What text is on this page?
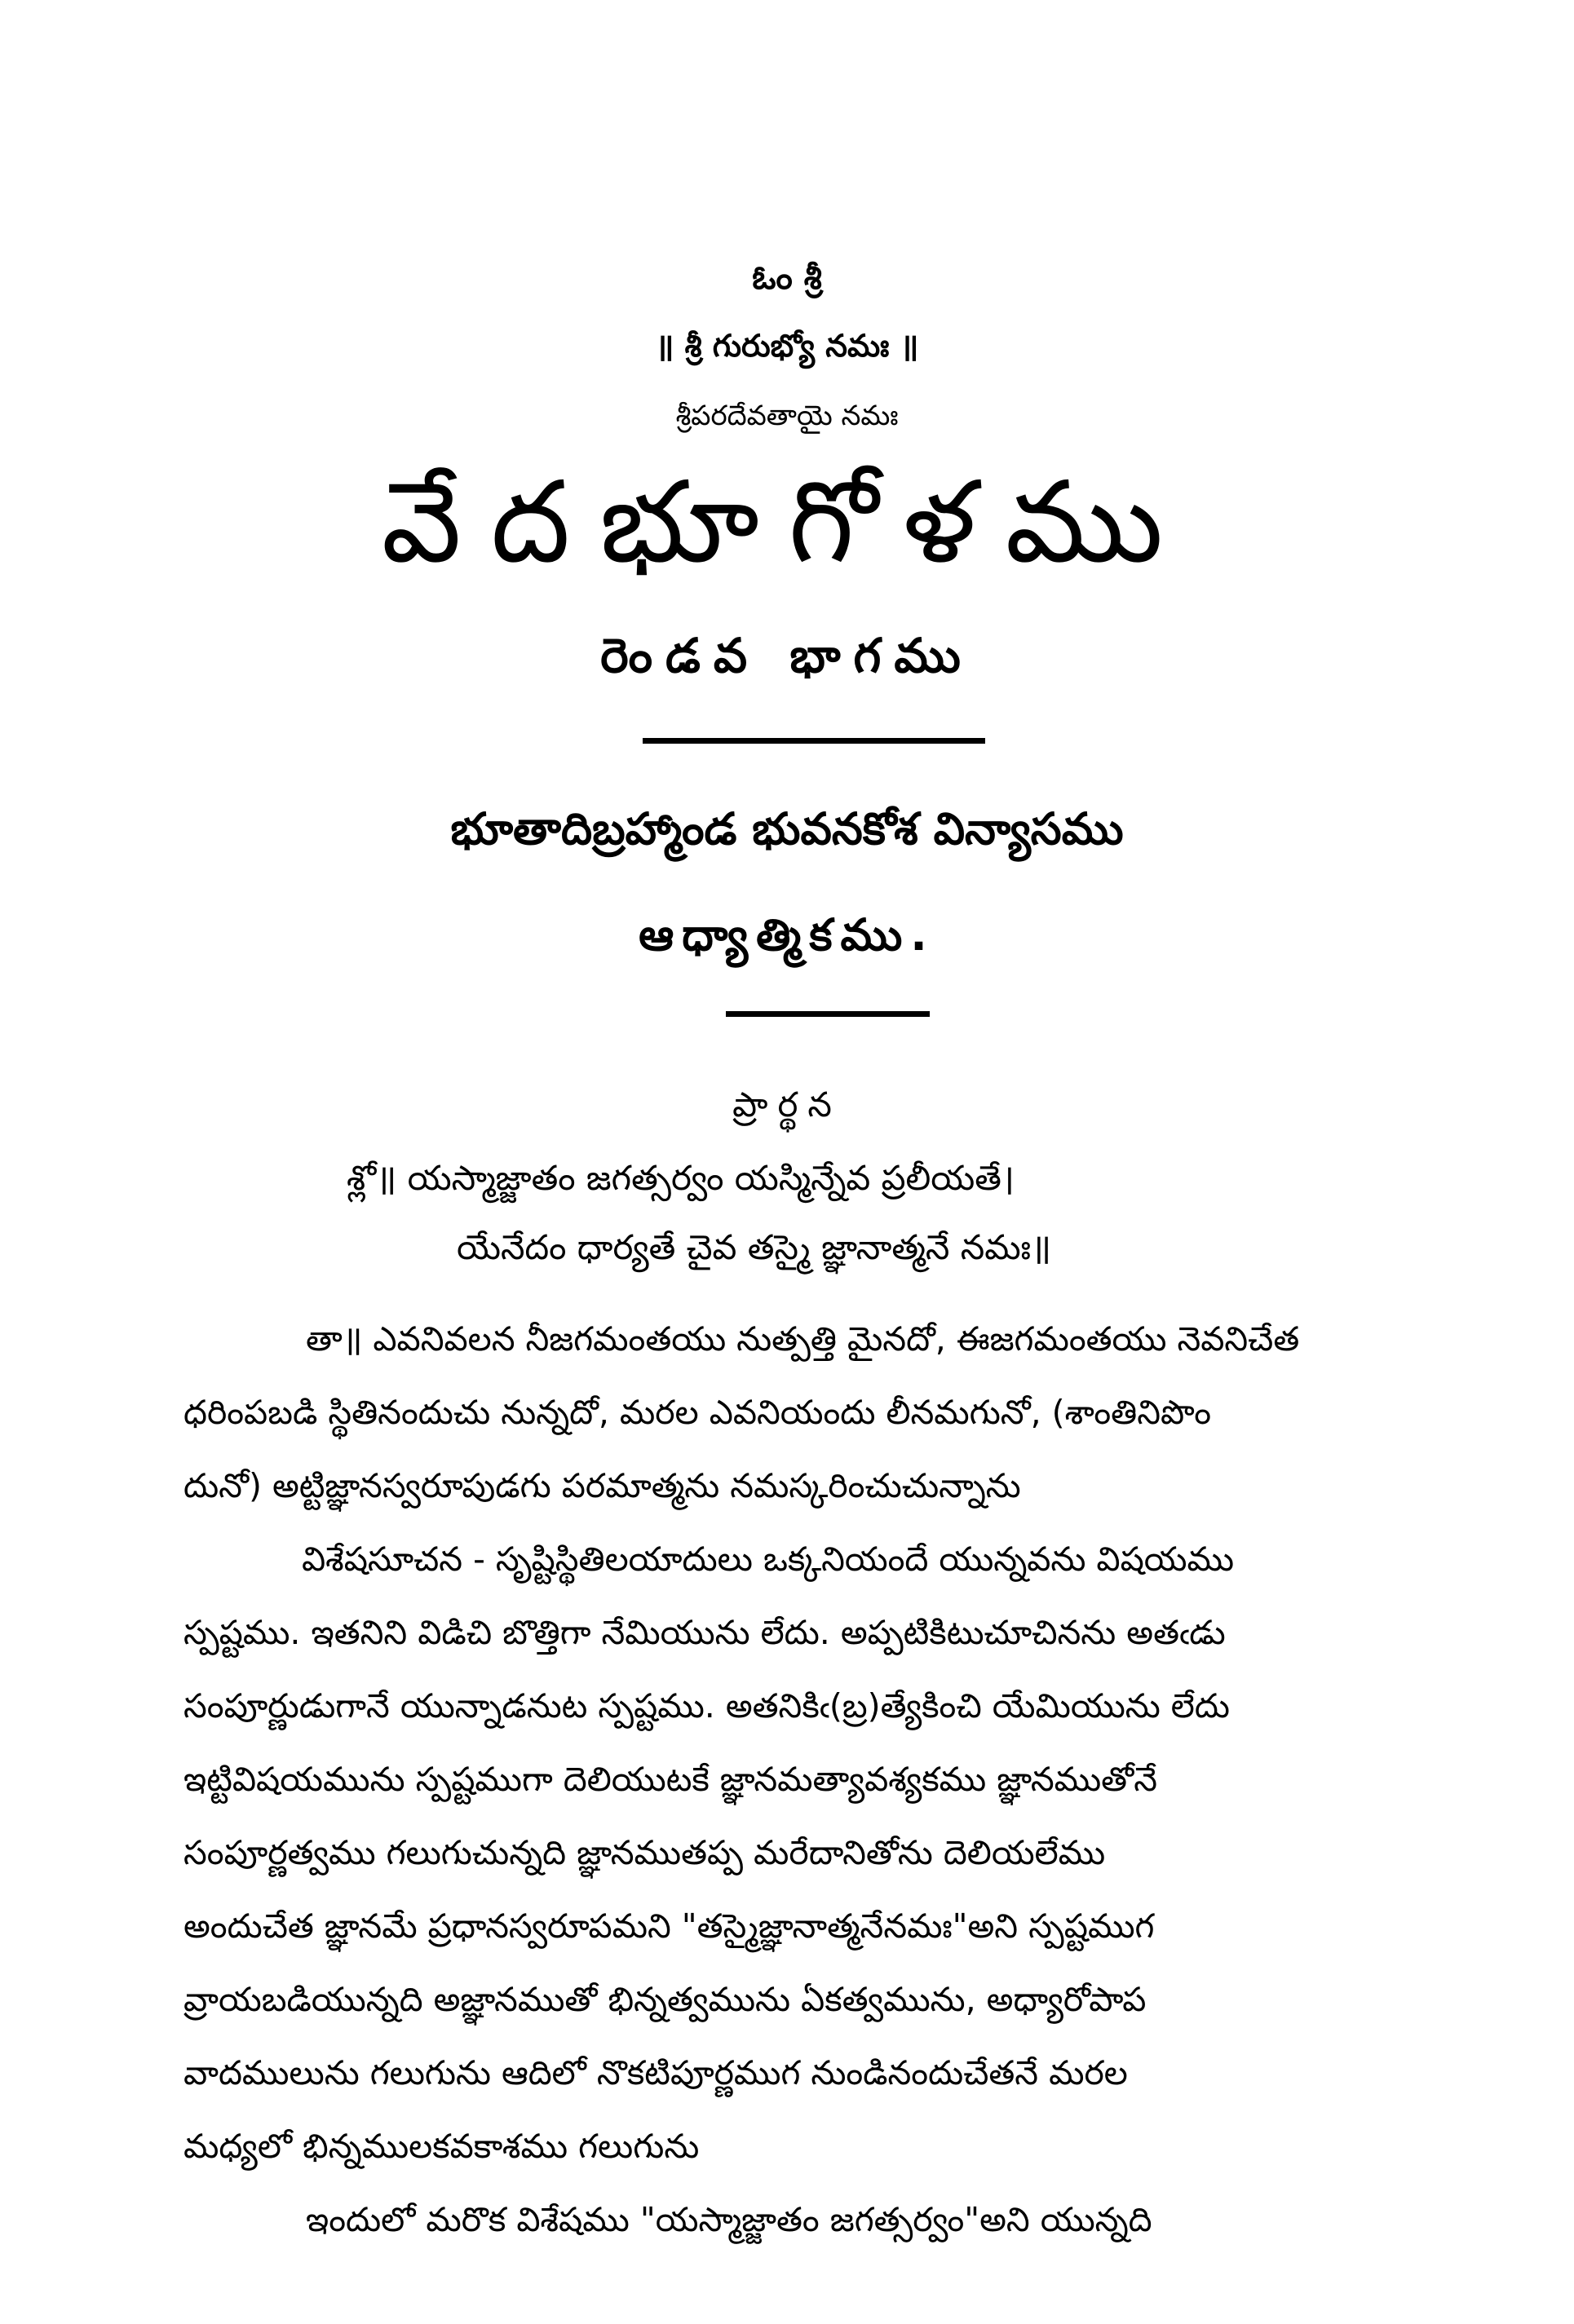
ఓం శ్రీ
॥ శ్రీ గురుభ్యో నమః ॥
శ్రీపరదేవతాయై నమః
వేదభూగోళము
రెండవ భాగము
భూతాదిబ్రహ్మాండ భువనకోశ విన్యాసము
ఆధ్యాత్మికము.
ప్రార్థన
శ్లో॥ యస్మాజ్జాతం జగత్సర్వం యస్మిన్నేవ ప్రలీయతే।
యేనేదం ధార్యతే చైవ తస్మై జ్ఞానాత్మనే నమః॥
తా॥ ఎవనివలన నీజగమంతయు నుత్పత్తి మైనదో, ఈజగమంతయు నెవనిచేత
ధరింపబడి స్థితినందుచు నున్నదో, మరల ఎవనియందు లీనమగునో, (శాంతినిపొం
దునో) అట్టిజ్ఞానస్వరూపుడగు పరమాత్మను నమస్కరించుచున్నాను
విశేషసూచన - సృష్టిస్థితిలయాదులు ఒక్కనియందే యున్నవను విషయము
స్పష్టము. ఇతనిని విడిచి బొత్తిగా నేమియును లేదు. అప్పటికిటుచూచినను అతఁడు
సంపూర్ణుడుగానే యున్నాడనుట స్పష్టము. అతనికిఁ(బ్ర)త్యేకించి యేమియును లేదు
ఇట్టివిషయమును స్పష్టముగా దెలియుటకే జ్ఞానమత్యావశ్యకము జ్ఞానముతోనే
సంపూర్ణత్వము గలుగుచున్నది జ్ఞానముతప్ప మరేదానితోను దెలియలేము
అందుచేత జ్ఞానమే ప్రధానస్వరూపమని "తస్మైజ్ఞానాత్మనేనమః"అని స్పష్టముగ
వ్రాయబడియున్నది అజ్ఞానముతో భిన్నత్వమును ఏకత్వమును, అధ్యారోపాప
వాదములును గలుగును ఆదిలో నొకటిపూర్ణముగ నుండినందుచేతనే మరల
మధ్యలో భిన్నములకవకాశము గలుగును
ఇందులో మరొక విశేషము "యస్మాజ్జాతం జగత్సర్వం"అని యున్నది
